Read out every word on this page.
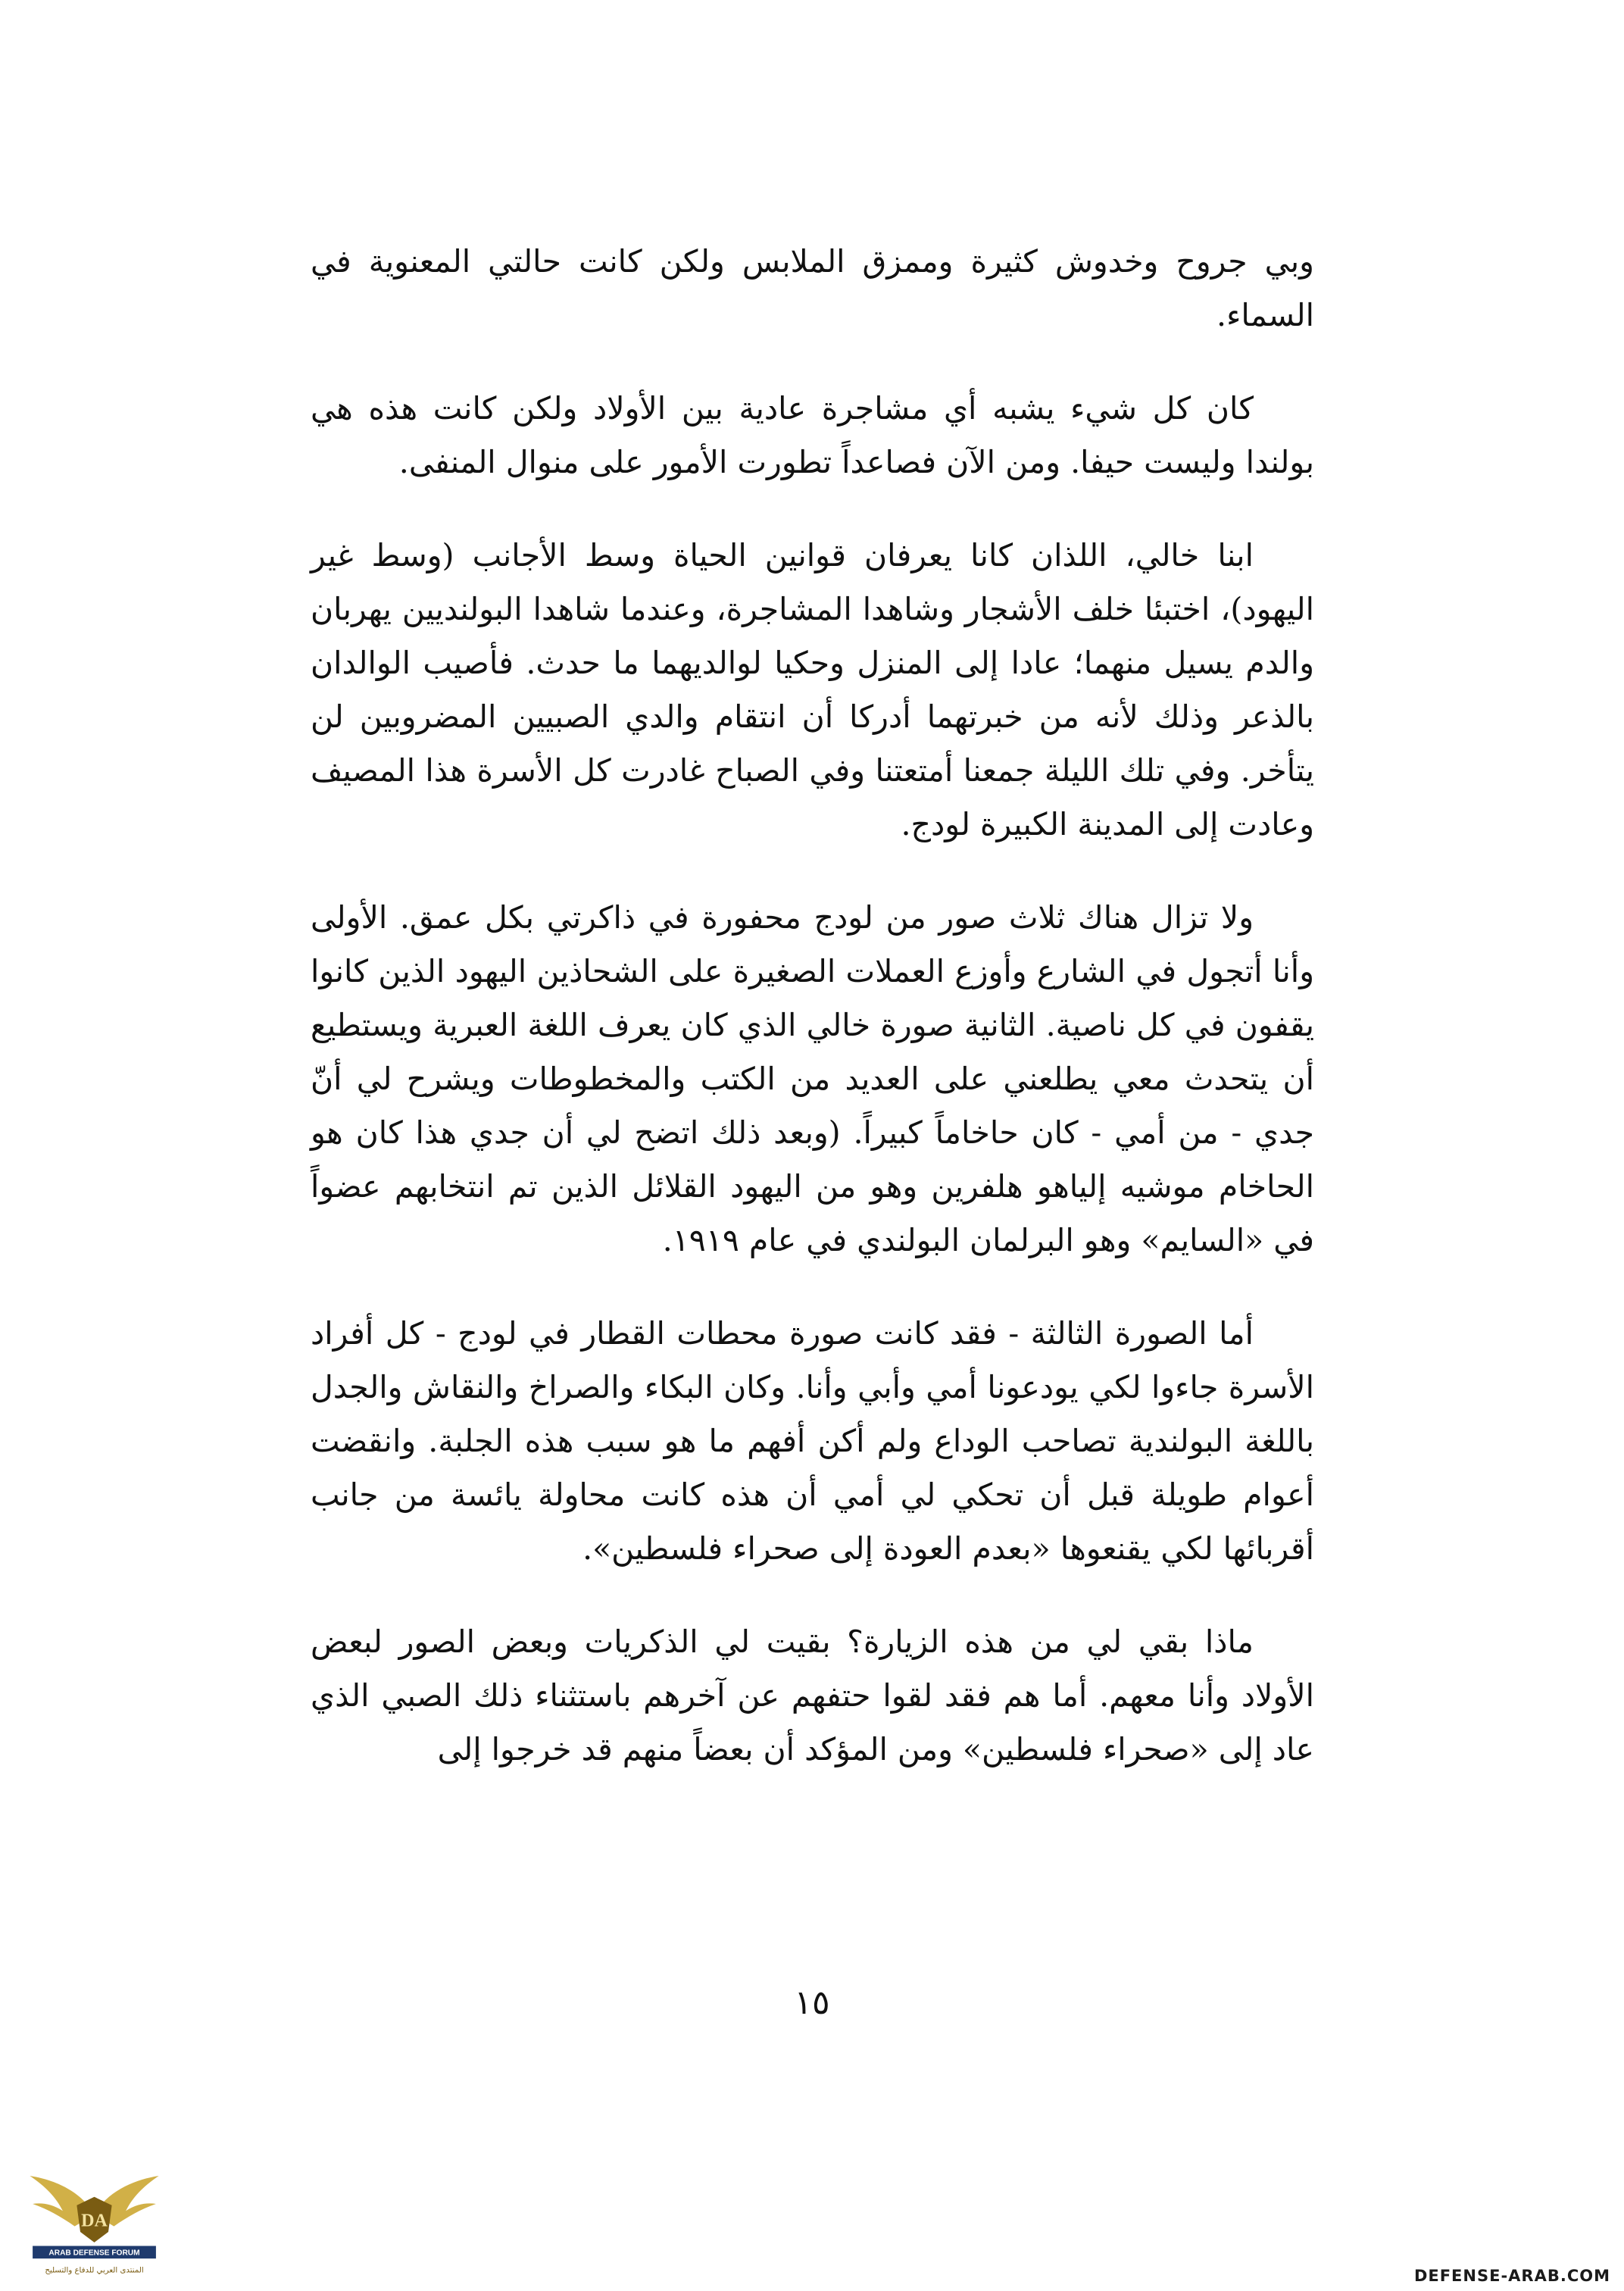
وبي جروح وخدوش كثيرة وممزق الملابس ولكن كانت حالتي المعنوية في السماء.

كان كل شيء يشبه أي مشاجرة عادية بين الأولاد ولكن كانت هذه هي بولندا وليست حيفا. ومن الآن فصاعداً تطورت الأمور على منوال المنفى.

ابنا خالي، اللذان كانا يعرفان قوانين الحياة وسط الأجانب (وسط غير اليهود)، اختبئا خلف الأشجار وشاهدا المشاجرة، وعندما شاهدا البولنديين يهربان والدم يسيل منهما؛ عادا إلى المنزل وحكيا لوالديهما ما حدث. فأصيب الوالدان بالذعر وذلك لأنه من خبرتهما أدركا أن انتقام والدي الصبيين المضروبين لن يتأخر. وفي تلك الليلة جمعنا أمتعتنا وفي الصباح غادرت كل الأسرة هذا المصيف وعادت إلى المدينة الكبيرة لودج.

ولا تزال هناك ثلاث صور من لودج محفورة في ذاكرتي بكل عمق. الأولى وأنا أتجول في الشارع وأوزع العملات الصغيرة على الشحاذين اليهود الذين كانوا يقفون في كل ناصية. الثانية صورة خالي الذي كان يعرف اللغة العبرية ويستطيع أن يتحدث معي يطلعني على العديد من الكتب والمخطوطات ويشرح لي أنّ جدي - من أمي - كان حاخاماً كبيراً. (وبعد ذلك اتضح لي أن جدي هذا كان هو الحاخام موشيه إلياهو هلفرين وهو من اليهود القلائل الذين تم انتخابهم عضواً في «السايم» وهو البرلمان البولندي في عام ١٩١٩.

أما الصورة الثالثة - فقد كانت صورة محطات القطار في لودج - كل أفراد الأسرة جاءوا لكي يودعونا أمي وأبي وأنا. وكان البكاء والصراخ والنقاش والجدل باللغة البولندية تصاحب الوداع ولم أكن أفهم ما هو سبب هذه الجلبة. وانقضت أعوام طويلة قبل أن تحكي لي أمي أن هذه كانت محاولة يائسة من جانب أقربائها لكي يقنعوها «بعدم العودة إلى صحراء فلسطين».

ماذا بقي لي من هذه الزيارة؟ بقيت لي الذكريات وبعض الصور لبعض الأولاد وأنا معهم. أما هم فقد لقوا حتفهم عن آخرهم باستثناء ذلك الصبي الذي عاد إلى «صحراء فلسطين» ومن المؤكد أن بعضاً منهم قد خرجوا إلى

١٥
DA
ARAB DEFENSE FORUM
المنتدى العربي للدفاع والتسليح	DEFENSE-ARAB.COM
